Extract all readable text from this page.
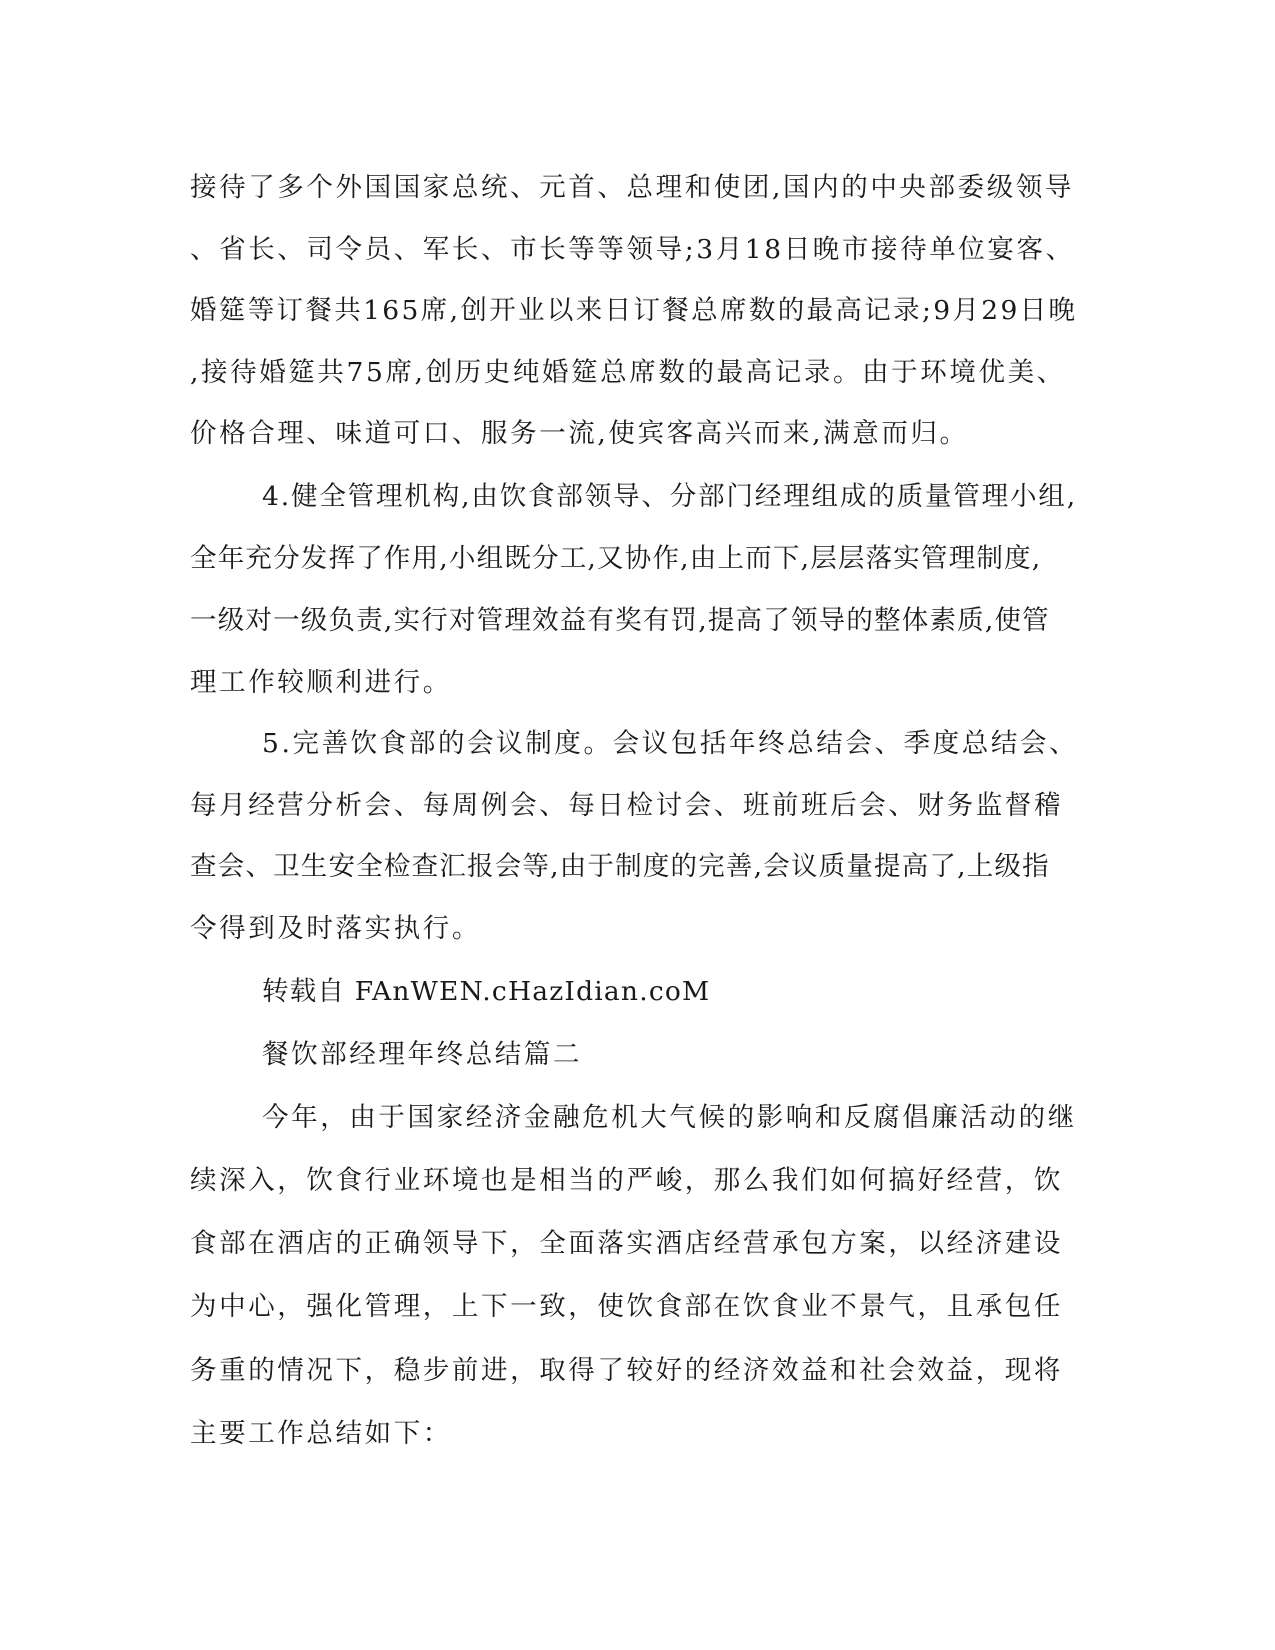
接待了多个外国国家总统、元首、总理和使团,国内的中央部委级领导

、省长、司令员、军长、市长等等领导;3月18日晚市接待单位宴客、

婚筵等订餐共165席,创开业以来日订餐总席数的最高记录;9月29日晚

,接待婚筵共75席,创历史纯婚筵总席数的最高记录。由于环境优美、

价格合理、味道可口、服务一流,使宾客高兴而来,满意而归。

4.健全管理机构,由饮食部领导、分部门经理组成的质量管理小组,

全年充分发挥了作用,小组既分工,又协作,由上而下,层层落实管理制度,

一级对一级负责,实行对管理效益有奖有罚,提高了领导的整体素质,使管

理工作较顺利进行。

5.完善饮食部的会议制度。会议包括年终总结会、季度总结会、

每月经营分析会、每周例会、每日检讨会、班前班后会、财务监督稽

查会、卫生安全检查汇报会等,由于制度的完善,会议质量提高了,上级指

令得到及时落实执行。

转载自 FAnWEN.cHazIdian.coM

餐饮部经理年终总结篇二

今年，由于国家经济金融危机大气候的影响和反腐倡廉活动的继

续深入，饮食行业环境也是相当的严峻，那么我们如何搞好经营，饮

食部在酒店的正确领导下，全面落实酒店经营承包方案，以经济建设

为中心，强化管理，上下一致，使饮食部在饮食业不景气，且承包任

务重的情况下，稳步前进，取得了较好的经济效益和社会效益，现将

主要工作总结如下：
